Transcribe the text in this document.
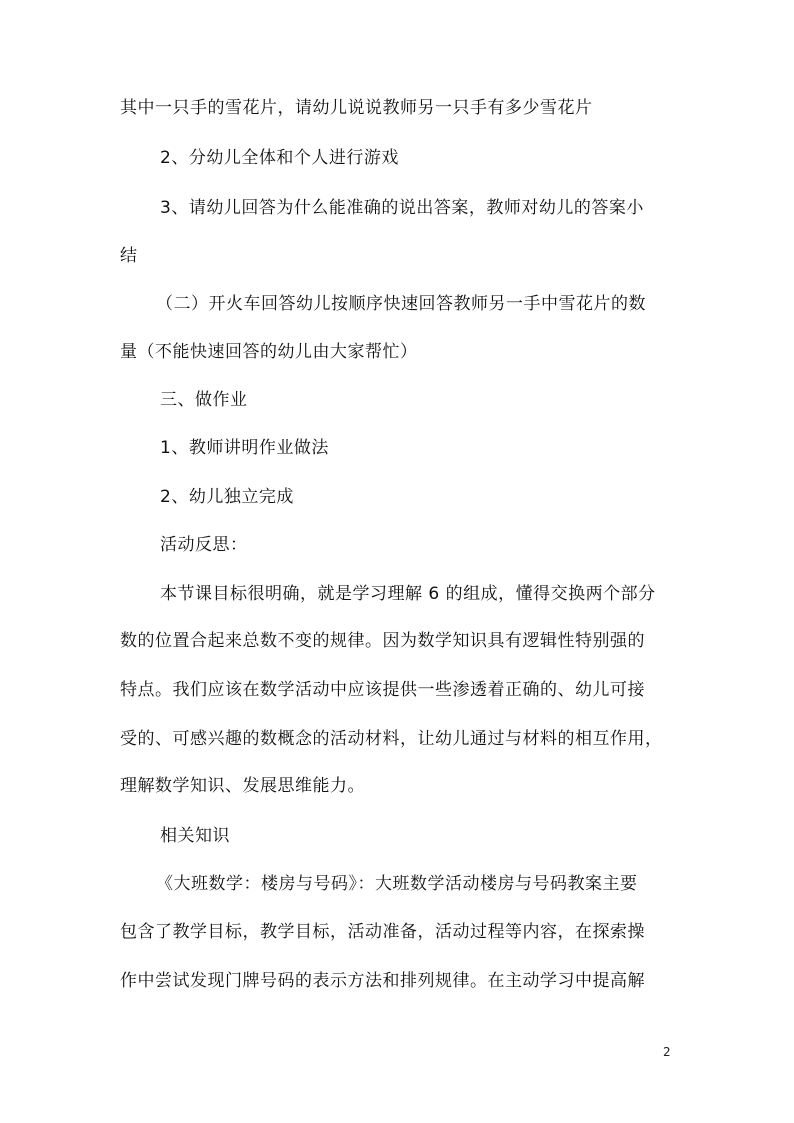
其中一只手的雪花片，请幼儿说说教师另一只手有多少雪花片
2、分幼儿全体和个人进行游戏
3、请幼儿回答为什么能准确的说出答案，教师对幼儿的答案小
结
（二）开火车回答幼儿按顺序快速回答教师另一手中雪花片的数
量（不能快速回答的幼儿由大家帮忙）
三、做作业
1、教师讲明作业做法
2、幼儿独立完成
活动反思：
本节课目标很明确，就是学习理解 6 的组成，懂得交换两个部分
数的位置合起来总数不变的规律。因为数学知识具有逻辑性特别强的
特点。我们应该在数学活动中应该提供一些渗透着正确的、幼儿可接
受的、可感兴趣的数概念的活动材料，让幼儿通过与材料的相互作用，
理解数学知识、发展思维能力。
相关知识
《大班数学：楼房与号码》：大班数学活动楼房与号码教案主要
包含了教学目标，教学目标，活动准备，活动过程等内容，在探索操
作中尝试发现门牌号码的表示方法和排列规律。在主动学习中提高解
2
